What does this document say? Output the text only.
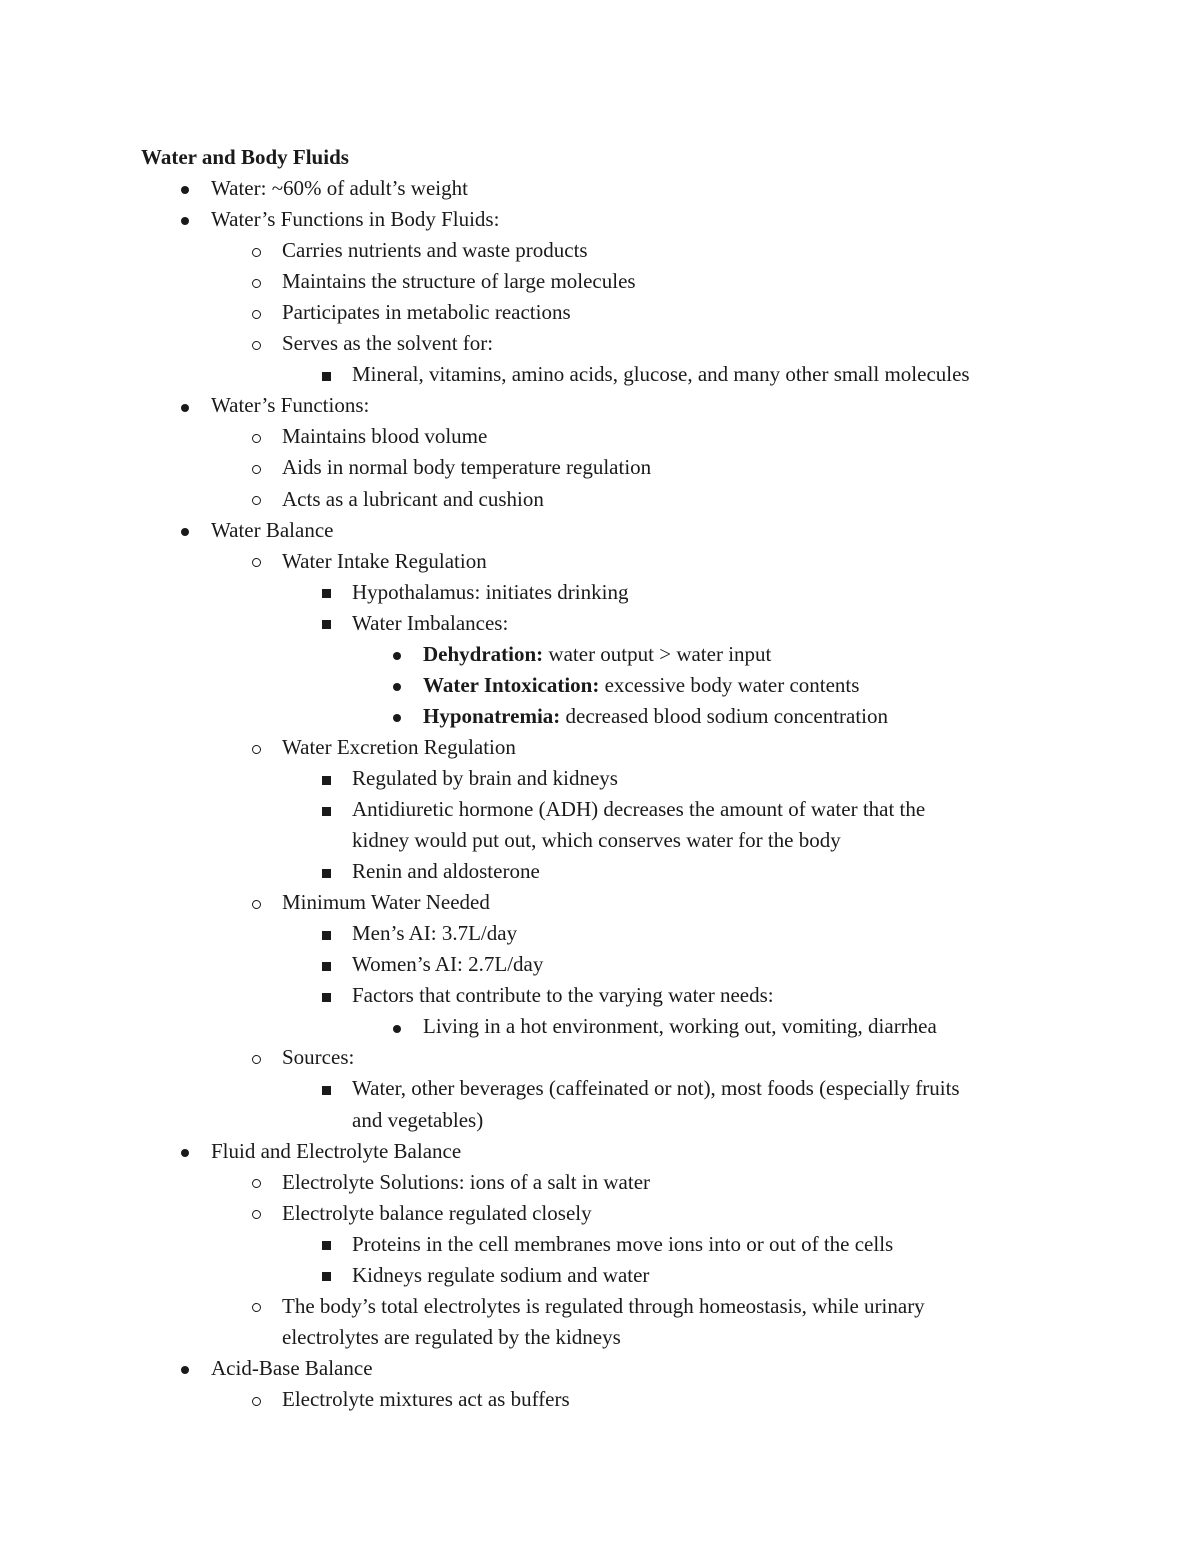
Water and Body Fluids
Water: ~60% of adult’s weight
Water’s Functions in Body Fluids:
Carries nutrients and waste products
Maintains the structure of large molecules
Participates in metabolic reactions
Serves as the solvent for:
Mineral, vitamins, amino acids, glucose, and many other small molecules
Water’s Functions:
Maintains blood volume
Aids in normal body temperature regulation
Acts as a lubricant and cushion
Water Balance
Water Intake Regulation
Hypothalamus: initiates drinking
Water Imbalances:
Dehydration: water output > water input
Water Intoxication: excessive body water contents
Hyponatremia: decreased blood sodium concentration
Water Excretion Regulation
Regulated by brain and kidneys
Antidiuretic hormone (ADH) decreases the amount of water that the
kidney would put out, which conserves water for the body
Renin and aldosterone
Minimum Water Needed
Men’s AI: 3.7L/day
Women’s AI: 2.7L/day
Factors that contribute to the varying water needs:
Living in a hot environment, working out, vomiting, diarrhea
Sources:
Water, other beverages (caffeinated or not), most foods (especially fruits
and vegetables)
Fluid and Electrolyte Balance
Electrolyte Solutions: ions of a salt in water
Electrolyte balance regulated closely
Proteins in the cell membranes move ions into or out of the cells
Kidneys regulate sodium and water
The body’s total electrolytes is regulated through homeostasis, while urinary
electrolytes are regulated by the kidneys
Acid-Base Balance
Electrolyte mixtures act as buffers
